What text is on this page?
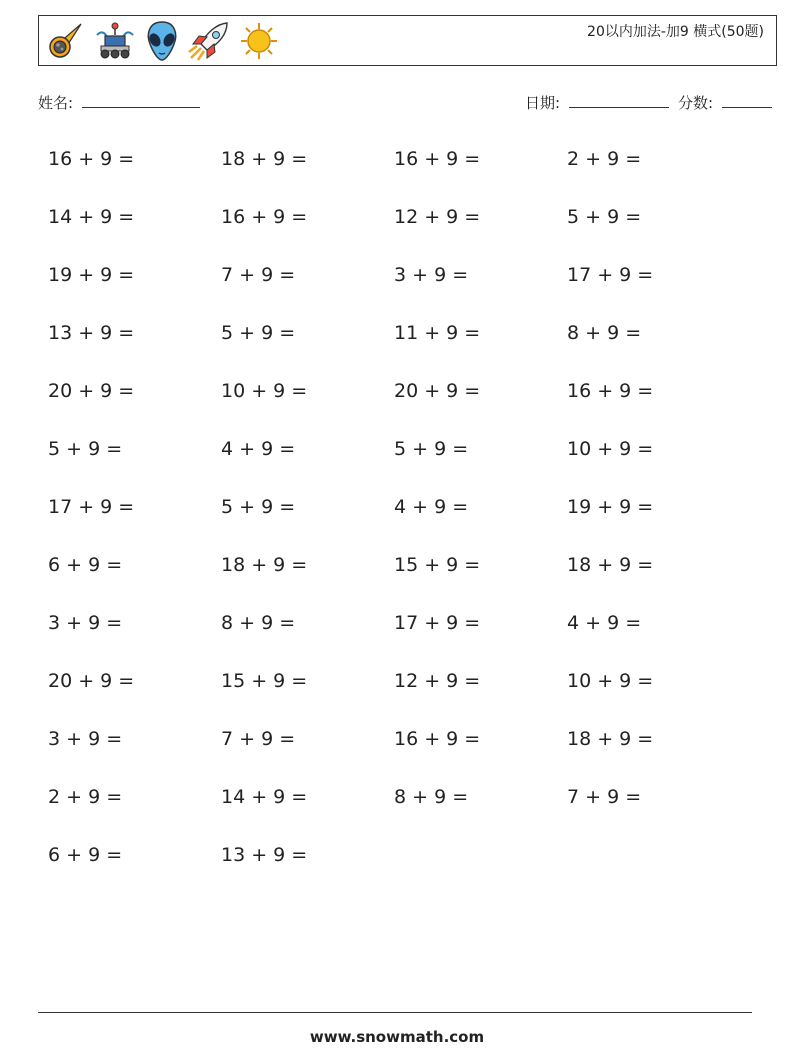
20以内加法-加9 横式(50题)
姓名:	日期:	分数:
16 + 9 =	18 + 9 =	16 + 9 =	2 + 9 =
14 + 9 =	16 + 9 =	12 + 9 =	5 + 9 =
19 + 9 =	7 + 9 =	3 + 9 =	17 + 9 =
13 + 9 =	5 + 9 =	11 + 9 =	8 + 9 =
20 + 9 =	10 + 9 =	20 + 9 =	16 + 9 =
5 + 9 =	4 + 9 =	5 + 9 =	10 + 9 =
17 + 9 =	5 + 9 =	4 + 9 =	19 + 9 =
6 + 9 =	18 + 9 =	15 + 9 =	18 + 9 =
3 + 9 =	8 + 9 =	17 + 9 =	4 + 9 =
20 + 9 =	15 + 9 =	12 + 9 =	10 + 9 =
3 + 9 =	7 + 9 =	16 + 9 =	18 + 9 =
2 + 9 =	14 + 9 =	8 + 9 =	7 + 9 =
6 + 9 =	13 + 9 =
www.snowmath.com
